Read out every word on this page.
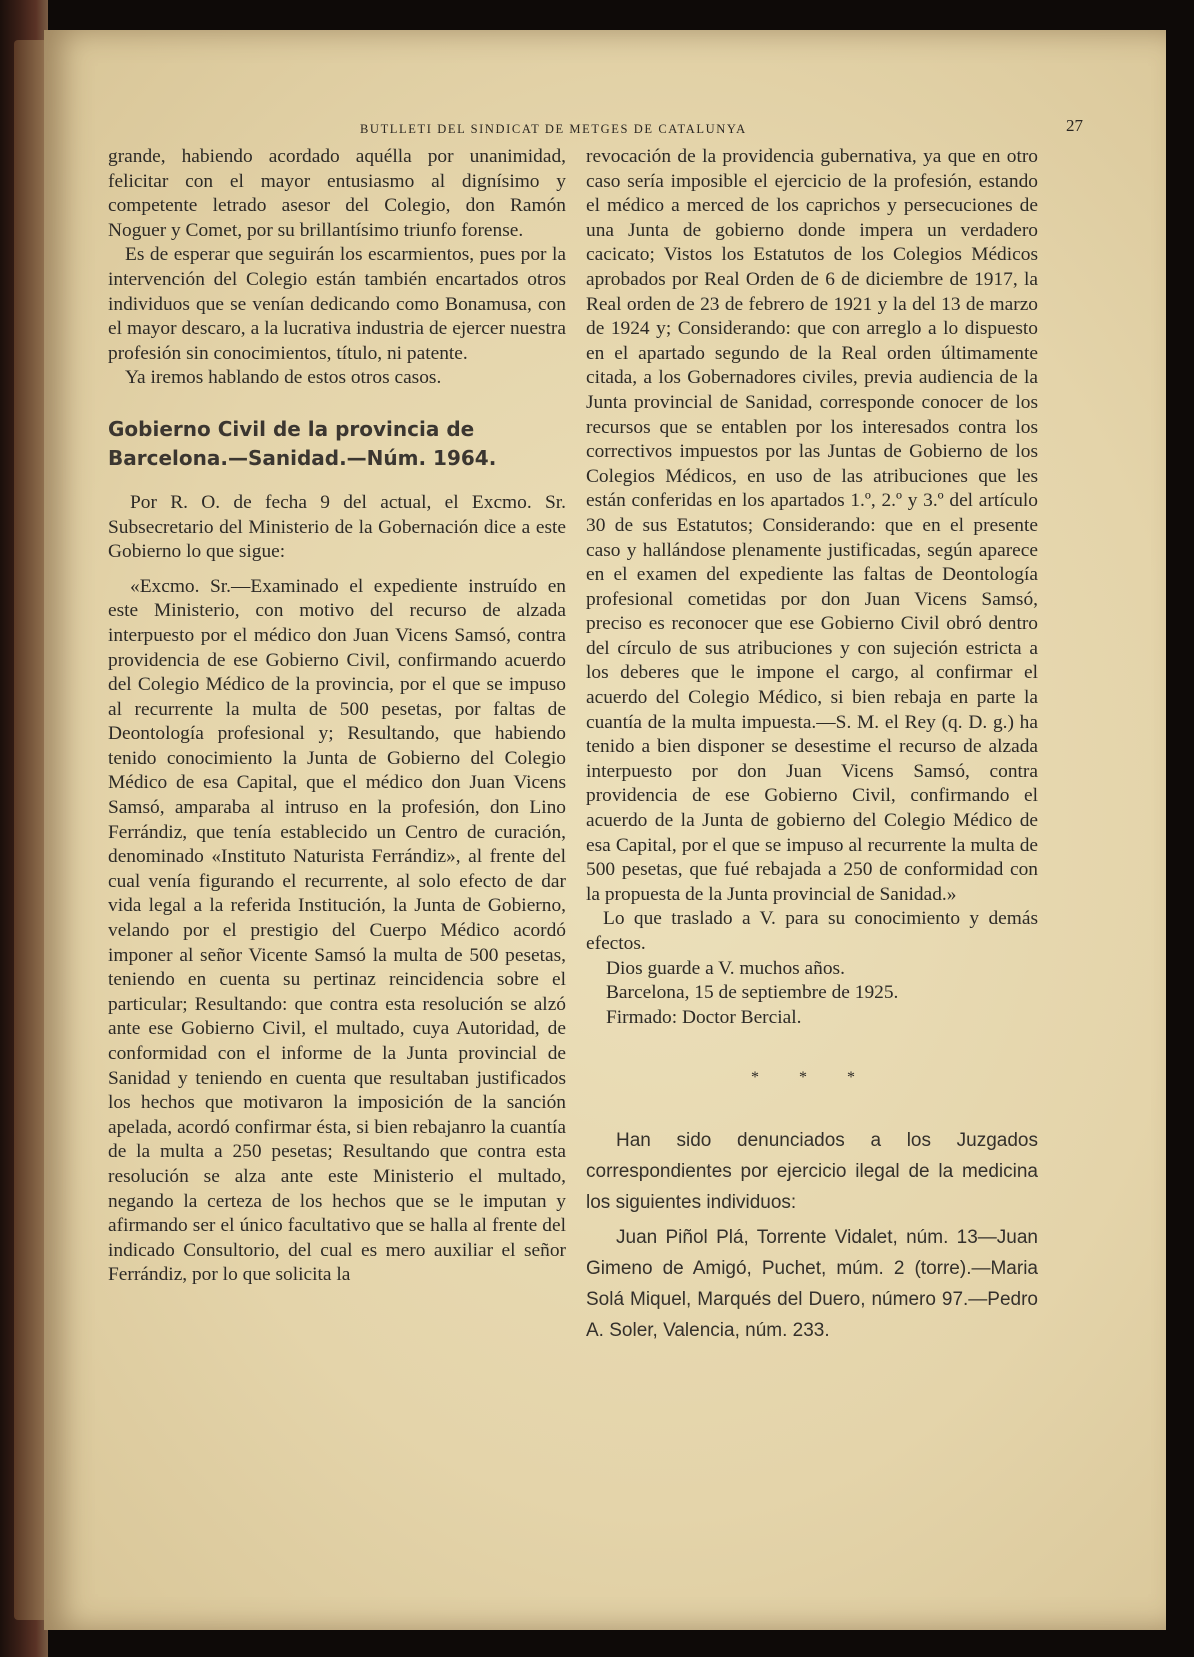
BUTLLETI DEL SINDICAT DE METGES DE CATALUNYA	27

grande, habiendo acordado aquélla por unanimidad, felicitar con el mayor entusiasmo al dignísimo y competente letrado asesor del Colegio, don Ramón Noguer y Comet, por su brillantísimo triunfo forense.

Es de esperar que seguirán los escarmientos, pues por la intervención del Colegio están también encartados otros individuos que se venían dedicando como Bonamusa, con el mayor descaro, a la lucrativa industria de ejercer nuestra profesión sin conocimientos, título, ni patente.

Ya iremos hablando de estos otros casos.

Gobierno Civil de la provincia de Barcelona.—Sanidad.—Núm. 1964.

Por R. O. de fecha 9 del actual, el Excmo. Sr. Subsecretario del Ministerio de la Gobernación dice a este Gobierno lo que sigue:

«Excmo. Sr.—Examinado el expediente instruído en este Ministerio, con motivo del recurso de alzada interpuesto por el médico don Juan Vicens Samsó, contra providencia de ese Gobierno Civil, confirmando acuerdo del Colegio Médico de la provincia, por el que se impuso al recurrente la multa de 500 pesetas, por faltas de Deontología profesional y; Resultando, que habiendo tenido conocimiento la Junta de Gobierno del Colegio Médico de esa Capital, que el médico don Juan Vicens Samsó, amparaba al intruso en la profesión, don Lino Ferrándiz, que tenía establecido un Centro de curación, denominado «Instituto Naturista Ferrándiz», al frente del cual venía figurando el recurrente, al solo efecto de dar vida legal a la referida Institución, la Junta de Gobierno, velando por el prestigio del Cuerpo Médico acordó imponer al señor Vicente Samsó la multa de 500 pesetas, teniendo en cuenta su pertinaz reincidencia sobre el particular; Resultando: que contra esta resolución se alzó ante ese Gobierno Civil, el multado, cuya Autoridad, de conformidad con el informe de la Junta provincial de Sanidad y teniendo en cuenta que resultaban justificados los hechos que motivaron la imposición de la sanción apelada, acordó confirmar ésta, si bien rebajanro la cuantía de la multa a 250 pesetas; Resultando que contra esta resolución se alza ante este Ministerio el multado, negando la certeza de los hechos que se le imputan y afirmando ser el único facultativo que se halla al frente del indicado Consultorio, del cual es mero auxiliar el señor Ferrándiz, por lo que solicita la

revocación de la providencia gubernativa, ya que en otro caso sería imposible el ejercicio de la profesión, estando el médico a merced de los caprichos y persecuciones de una Junta de gobierno donde impera un verdadero cacicato; Vistos los Estatutos de los Colegios Médicos aprobados por Real Orden de 6 de diciembre de 1917, la Real orden de 23 de febrero de 1921 y la del 13 de marzo de 1924 y; Considerando: que con arreglo a lo dispuesto en el apartado segundo de la Real orden últimamente citada, a los Gobernadores civiles, previa audiencia de la Junta provincial de Sanidad, corresponde conocer de los recursos que se entablen por los interesados contra los correctivos impuestos por las Juntas de Gobierno de los Colegios Médicos, en uso de las atribuciones que les están conferidas en los apartados 1.º, 2.º y 3.º del artículo 30 de sus Estatutos; Considerando: que en el presente caso y hallándose plenamente justificadas, según aparece en el examen del expediente las faltas de Deontología profesional cometidas por don Juan Vicens Samsó, preciso es reconocer que ese Gobierno Civil obró dentro del círculo de sus atribuciones y con sujeción estricta a los deberes que le impone el cargo, al confirmar el acuerdo del Colegio Médico, si bien rebaja en parte la cuantía de la multa impuesta.—S. M. el Rey (q. D. g.) ha tenido a bien disponer se desestime el recurso de alzada interpuesto por don Juan Vicens Samsó, contra providencia de ese Gobierno Civil, confirmando el acuerdo de la Junta de gobierno del Colegio Médico de esa Capital, por el que se impuso al recurrente la multa de 500 pesetas, que fué rebajada a 250 de conformidad con la propuesta de la Junta provincial de Sanidad.»

Lo que traslado a V. para su conocimiento y demás efectos.

Dios guarde a V. muchos años.

Barcelona, 15 de septiembre de 1925.

Firmado: Doctor Bercial.

* * *

Han sido denunciados a los Juzgados correspondientes por ejercicio ilegal de la medicina los siguientes individuos:

Juan Piñol Plá, Torrente Vidalet, núm. 13—Juan Gimeno de Amigó, Puchet, múm. 2 (torre).—Maria Solá Miquel, Marqués del Duero, número 97.—Pedro A. Soler, Valencia, núm. 233.
